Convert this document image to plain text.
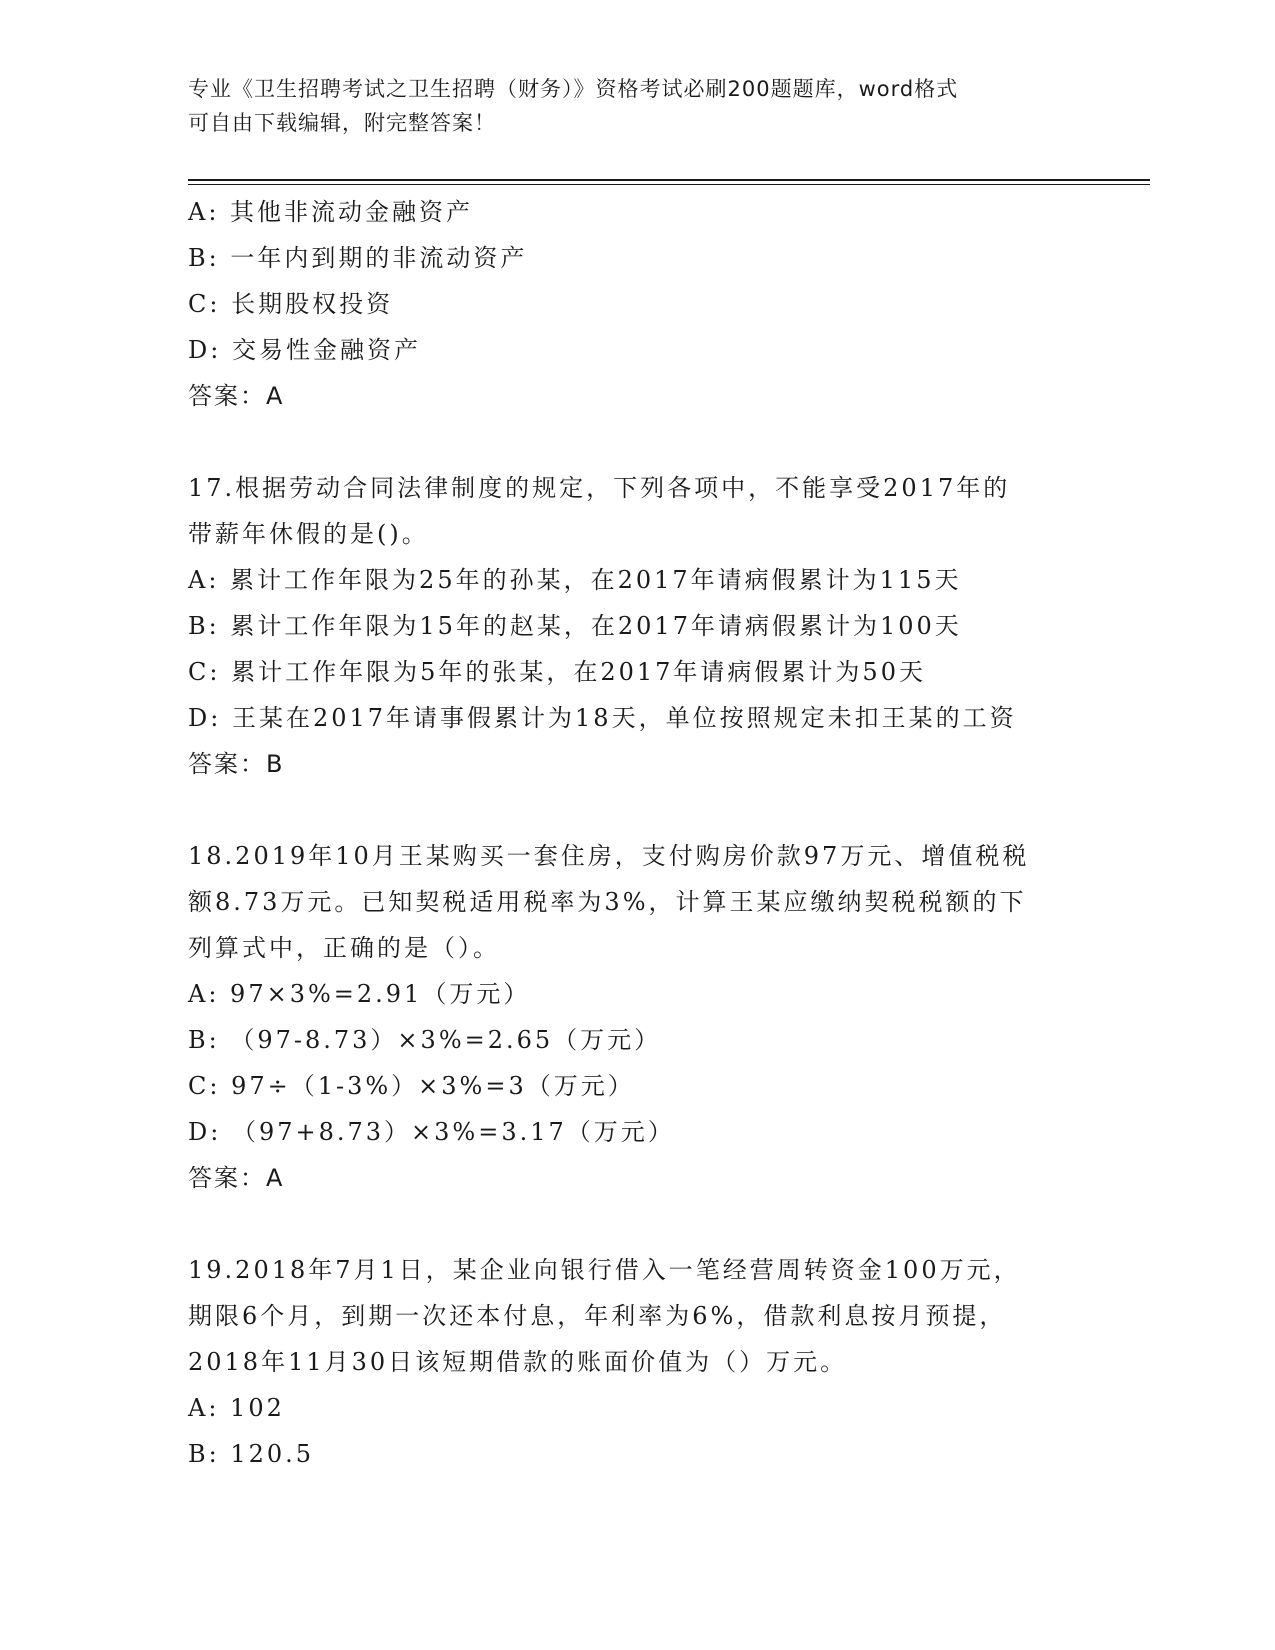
专业《卫生招聘考试之卫生招聘（财务）》资格考试必刷200题题库，word格式
可自由下载编辑，附完整答案！
A: 其他非流动金融资产
B: 一年内到期的非流动资产
C: 长期股权投资
D: 交易性金融资产
答案：A
17.根据劳动合同法律制度的规定，下列各项中，不能享受2017年的
带薪年休假的是()。
A: 累计工作年限为25年的孙某，在2017年请病假累计为115天
B: 累计工作年限为15年的赵某，在2017年请病假累计为100天
C: 累计工作年限为5年的张某，在2017年请病假累计为50天
D: 王某在2017年请事假累计为18天，单位按照规定未扣王某的工资
答案：B
18.2019年10月王某购买一套住房，支付购房价款97万元、增值税税
额8.73万元。已知契税适用税率为3%，计算王某应缴纳契税税额的下
列算式中，正确的是（）。
A: 97×3%=2.91（万元）
B: （97-8.73）×3%=2.65（万元）
C: 97÷（1-3%）×3%=3（万元）
D: （97+8.73）×3%=3.17（万元）
答案：A
19.2018年7月1日，某企业向银行借入一笔经营周转资金100万元，
期限6个月，到期一次还本付息，年利率为6%，借款利息按月预提，
2018年11月30日该短期借款的账面价值为（）万元。
A: 102
B: 120.5
